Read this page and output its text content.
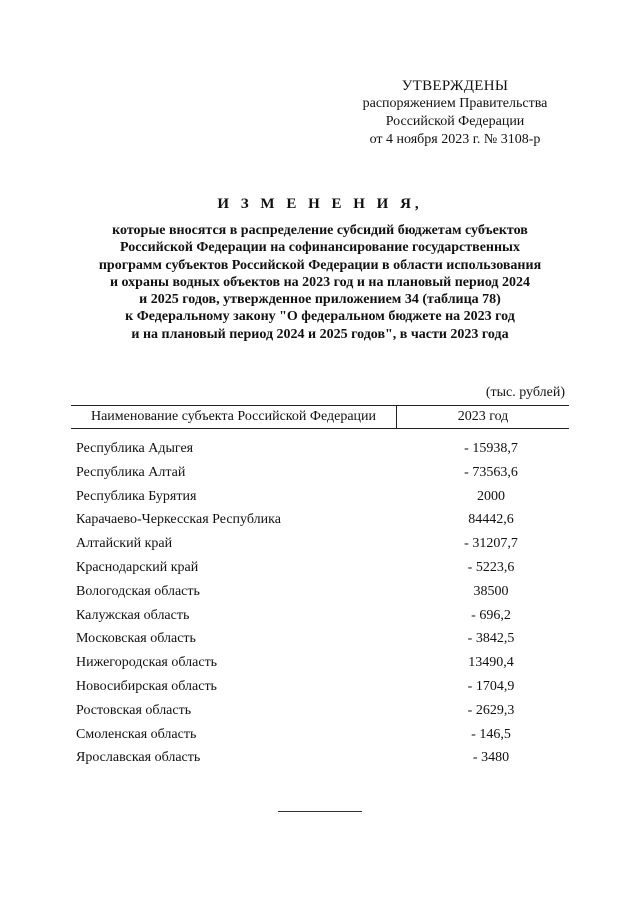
УТВЕРЖДЕНЫ
распоряжением Правительства
Российской Федерации
от 4 ноября 2023 г. № 3108-р
И З М Е Н Е Н И Я,
которые вносятся в распределение субсидий бюджетам субъектов
Российской Федерации на софинансирование государственных
программ субъектов Российской Федерации в области использования
и охраны водных объектов на 2023 год и на плановый период 2024
и 2025 годов, утвержденное приложением 34 (таблица 78)
к Федеральному закону "О федеральном бюджете на 2023 год
и на плановый период 2024 и 2025 годов", в части 2023 года
(тыс. рублей)
Наименование субъекта Российской Федерации	2023 год
Республика Адыгея	- 15938,7
Республика Алтай	- 73563,6
Республика Бурятия	2000
Карачаево-Черкесская Республика	84442,6
Алтайский край	- 31207,7
Краснодарский край	- 5223,6
Вологодская область	38500
Калужская область	- 696,2
Московская область	- 3842,5
Нижегородская область	13490,4
Новосибирская область	- 1704,9
Ростовская область	- 2629,3
Смоленская область	- 146,5
Ярославская область	- 3480
